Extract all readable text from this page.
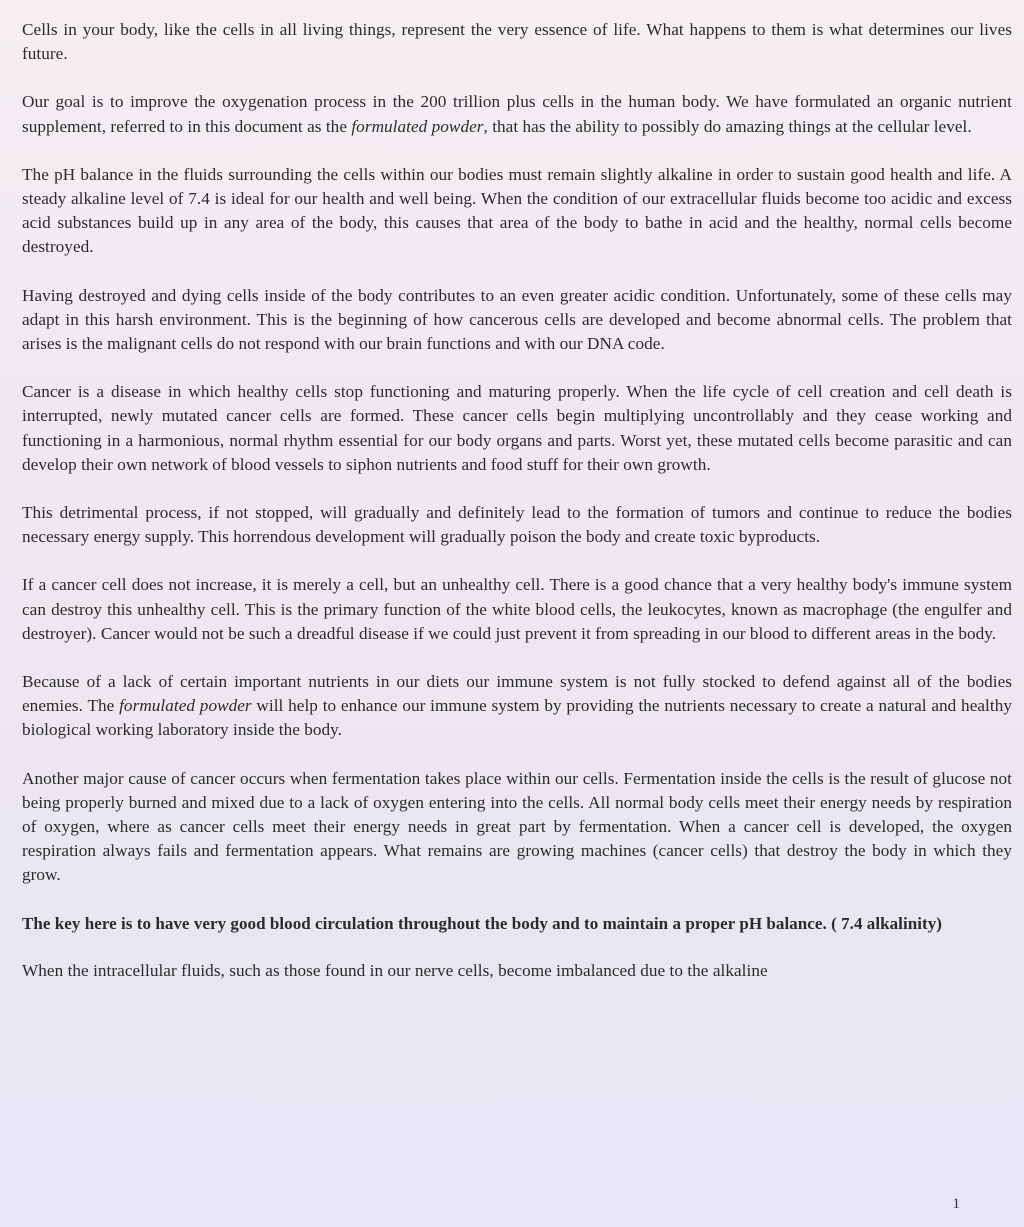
Cells in your body, like the cells in all living things, represent the very essence of life. What happens to them is what determines our lives future.

Our goal is to improve the oxygenation process in the 200 trillion plus cells in the human body. We have formulated an organic nutrient supplement, referred to in this document as the formulated powder, that has the ability to possibly do amazing things at the cellular level.

The pH balance in the fluids surrounding the cells within our bodies must remain slightly alkaline in order to sustain good health and life. A steady alkaline level of 7.4 is ideal for our health and well being. When the condition of our extracellular fluids become too acidic and excess acid substances build up in any area of the body, this causes that area of the body to bathe in acid and the healthy, normal cells become destroyed.

Having destroyed and dying cells inside of the body contributes to an even greater acidic condition. Unfortunately, some of these cells may adapt in this harsh environment. This is the beginning of how cancerous cells are developed and become abnormal cells. The problem that arises is the malignant cells do not respond with our brain functions and with our DNA code.

Cancer is a disease in which healthy cells stop functioning and maturing properly. When the life cycle of cell creation and cell death is interrupted, newly mutated cancer cells are formed. These cancer cells begin multiplying uncontrollably and they cease working and functioning in a harmonious, normal rhythm essential for our body organs and parts. Worst yet, these mutated cells become parasitic and can develop their own network of blood vessels to siphon nutrients and food stuff for their own growth.

This detrimental process, if not stopped, will gradually and definitely lead to the formation of tumors and continue to reduce the bodies necessary energy supply. This horrendous development will gradually poison the body and create toxic byproducts.

If a cancer cell does not increase, it is merely a cell, but an unhealthy cell. There is a good chance that a very healthy body's immune system can destroy this unhealthy cell. This is the primary function of the white blood cells, the leukocytes, known as macrophage (the engulfer and destroyer). Cancer would not be such a dreadful disease if we could just prevent it from spreading in our blood to different areas in the body.

Because of a lack of certain important nutrients in our diets our immune system is not fully stocked to defend against all of the bodies enemies. The formulated powder will help to enhance our immune system by providing the nutrients necessary to create a natural and healthy biological working laboratory inside the body.

Another major cause of cancer occurs when fermentation takes place within our cells. Fermentation inside the cells is the result of glucose not being properly burned and mixed due to a lack of oxygen entering into the cells. All normal body cells meet their energy needs by respiration of oxygen, where as cancer cells meet their energy needs in great part by fermentation. When a cancer cell is developed, the oxygen respiration always fails and fermentation appears. What remains are growing machines (cancer cells) that destroy the body in which they grow.

The key here is to have very good blood circulation throughout the body and to maintain a proper pH balance. ( 7.4 alkalinity)

When the intracellular fluids, such as those found in our nerve cells, become imbalanced due to the alkaline

1
